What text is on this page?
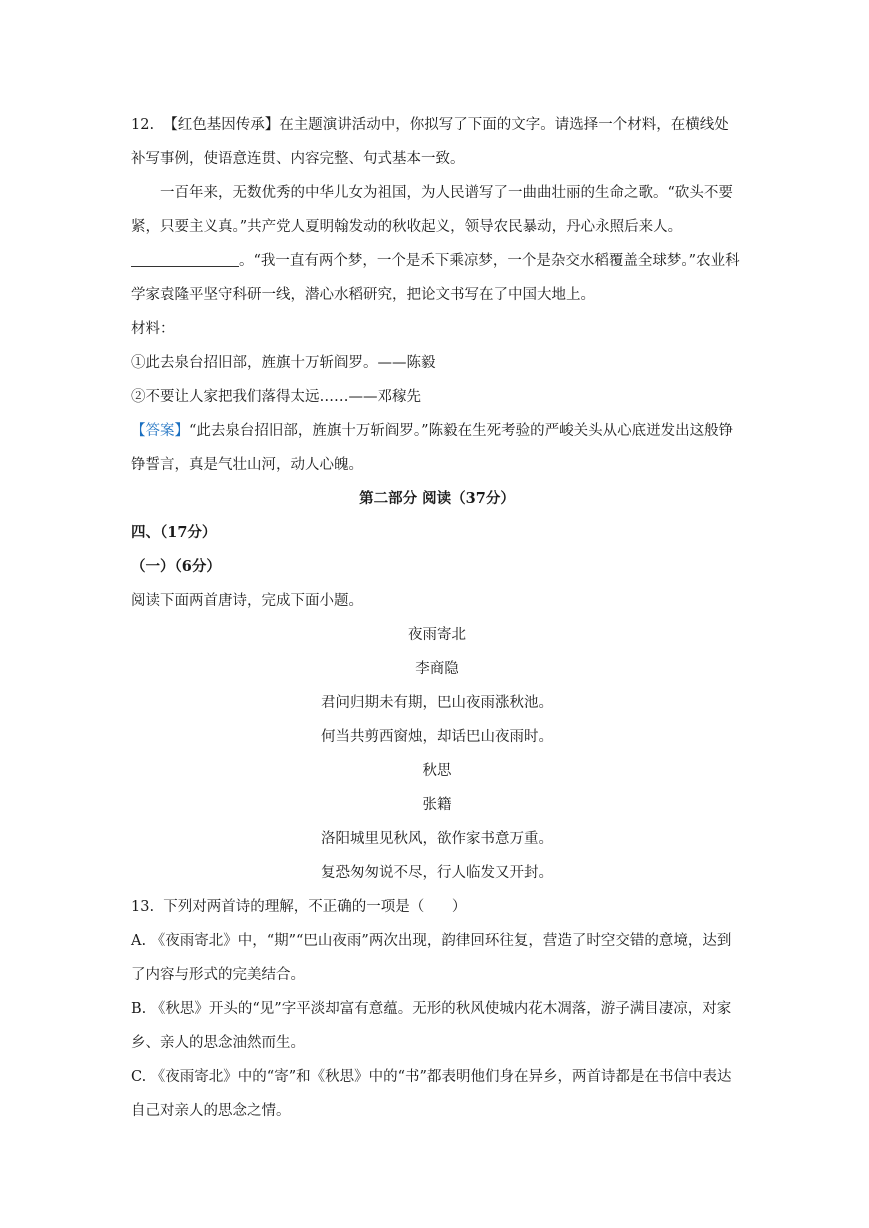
12. 【红色基因传承】在主题演讲活动中，你拟写了下面的文字。请选择一个材料，在横线处补写事例，使语意连贯、内容完整、句式基本一致。

一百年来，无数优秀的中华儿女为祖国，为人民谱写了一曲曲壮丽的生命之歌。“砍头不要紧，只要主义真。”共产党人夏明翰发动的秋收起义，领导农民暴动，丹心永照后来人。。“我一直有两个梦，一个是禾下乘凉梦，一个是杂交水稻覆盖全球梦。”农业科学家袁隆平坚守科研一线，潜心水稻研究，把论文书写在了中国大地上。

材料：

①此去泉台招旧部，旌旗十万斩阎罗。——陈毅

②不要让人家把我们落得太远……——邓稼先

【答案】“此去泉台招旧部，旌旗十万斩阎罗。”陈毅在生死考验的严峻关头从心底迸发出这般铮铮誓言，真是气壮山河，动人心魄。

第二部分 阅读（37分）

四、（17分）

（一）（6分）

阅读下面两首唐诗，完成下面小题。

夜雨寄北

李商隐

君问归期未有期，巴山夜雨涨秋池。

何当共剪西窗烛，却话巴山夜雨时。

秋思

张籍

洛阳城里见秋风，欲作家书意万重。

复恐匆匆说不尽，行人临发又开封。

13.  下列对两首诗的理解，不正确的一项是（      ）

A. 《夜雨寄北》中，“期”“巴山夜雨”两次出现，韵律回环往复，营造了时空交错的意境，达到了内容与形式的完美结合。

B. 《秋思》开头的“见”字平淡却富有意蕴。无形的秋风使城内花木凋落，游子满目凄凉，对家乡、亲人的思念油然而生。

C. 《夜雨寄北》中的“寄”和《秋思》中的“书”都表明他们身在异乡，两首诗都是在书信中表达自己对亲人的思念之情。
